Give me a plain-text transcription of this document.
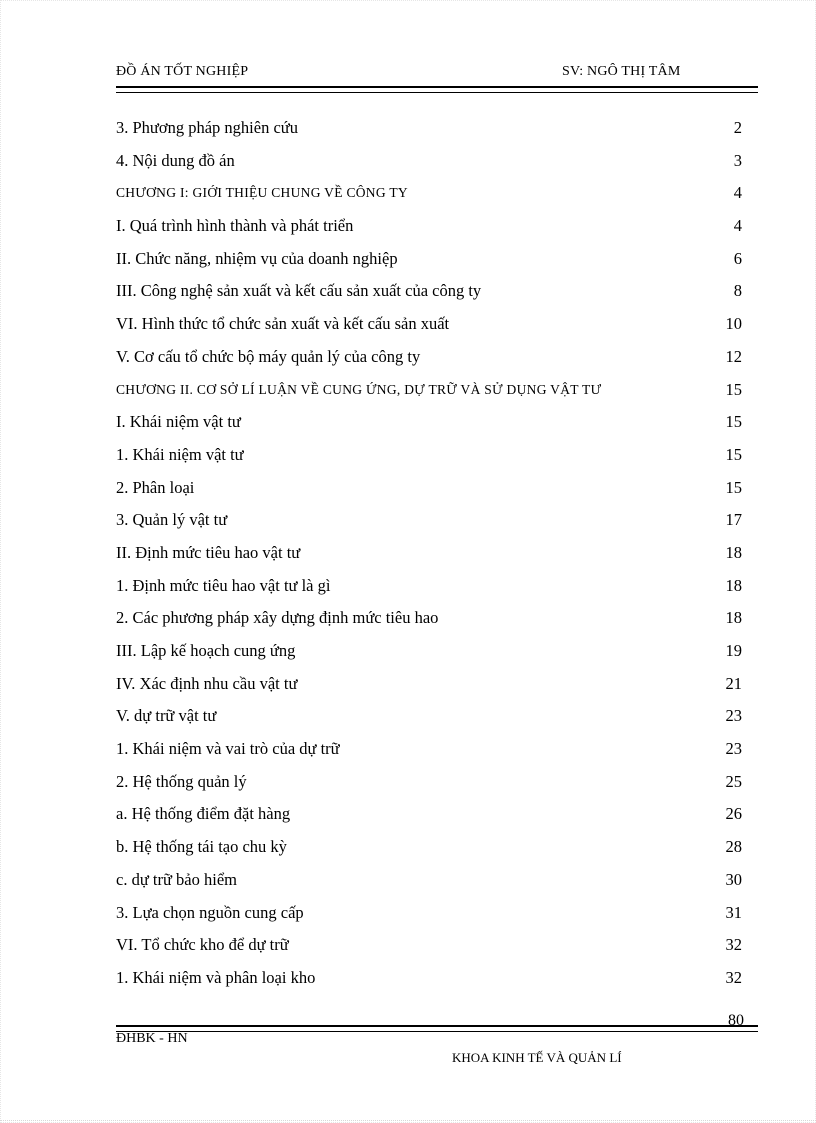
ĐỒ ÁN TỐT NGHIỆP	SV: NGÔ THỊ TÂM
3. Phương pháp nghiên cứu	2
4. Nội dung đồ án	3
CHƯƠNG I: GIỚI THIỆU CHUNG VỀ CÔNG TY	4
I. Quá trình hình thành và phát triển	4
II. Chức năng, nhiệm vụ của doanh nghiệp	6
III. Công nghệ sản xuất và kết cấu sản xuất của công ty	8
VI. Hình thức tổ chức sản xuất và kết cấu sản xuất	10
V. Cơ cấu tổ chức bộ máy quản lý của công ty	12
CHƯƠNG II. CƠ SỞ LÍ LUẬN VỀ CUNG ỨNG, DỰ TRỮ VÀ SỬ DỤNG VẬT TƯ	15
I. Khái niệm vật tư	15
1. Khái niệm vật tư	15
2. Phân loại	15
3. Quản lý vật tư	17
II. Định mức tiêu hao vật tư	18
1. Định mức tiêu hao vật tư là gì	18
2. Các phương pháp xây dựng định mức tiêu hao	18
III. Lập kế hoạch cung ứng	19
IV. Xác định nhu cầu vật tư	21
V. dự trữ vật tư	23
1. Khái niệm và vai trò của dự trữ	23
2. Hệ thống quản lý	25
a. Hệ thống điểm đặt hàng	26
b. Hệ thống tái tạo chu kỳ	28
c. dự trữ bảo hiểm	30
3. Lựa chọn nguồn cung cấp	31
VI. Tổ chức kho để dự trữ	32
1. Khái niệm và phân loại kho	32
80
ĐHBK - HN
KHOA KINH TẾ VÀ QUẢN LÍ
